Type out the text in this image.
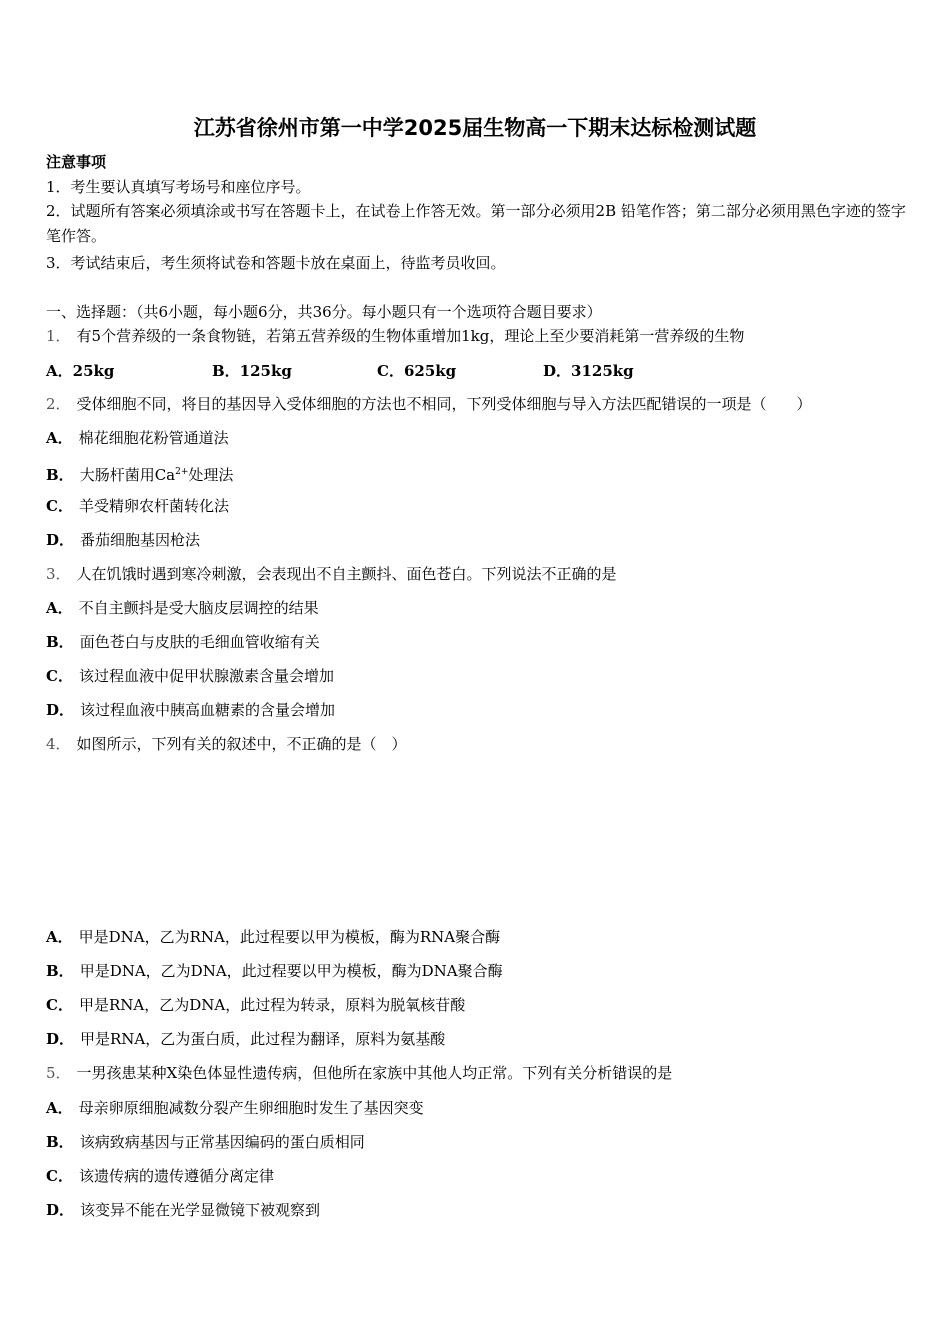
江苏省徐州市第一中学2025届生物高一下期末达标检测试题
注意事项
1．考生要认真填写考场号和座位序号。
2．试题所有答案必须填涂或书写在答题卡上，在试卷上作答无效。第一部分必须用2B 铅笔作答；第二部分必须用黑色字迹的签字笔作答。
3．考试结束后，考生须将试卷和答题卡放在桌面上，待监考员收回。
一、选择题：（共6小题，每小题6分，共36分。每小题只有一个选项符合题目要求）
1． 有5个营养级的一条食物链，若第五营养级的生物体重增加1kg，理论上至少要消耗第一营养级的生物
A．25kg	B．125kg	C．625kg	D．3125kg
2． 受体细胞不同，将目的基因导入受体细胞的方法也不相同，下列受体细胞与导入方法匹配错误的一项是（　　）
A． 棉花细胞花粉管通道法
B． 大肠杆菌用$Ca^{2+}$处理法
C． 羊受精卵农杆菌转化法
D． 番茄细胞基因枪法
3． 人在饥饿时遇到寒冷刺激，会表现出不自主颤抖、面色苍白。下列说法不正确的是
A． 不自主颤抖是受大脑皮层调控的结果
B． 面色苍白与皮肤的毛细血管收缩有关
C． 该过程血液中促甲状腺激素含量会增加
D． 该过程血液中胰高血糖素的含量会增加
4． 如图所示，下列有关的叙述中，不正确的是（　）
A． 甲是DNA，乙为RNA，此过程要以甲为模板，酶为RNA聚合酶
B． 甲是DNA，乙为DNA，此过程要以甲为模板，酶为DNA聚合酶
C． 甲是RNA，乙为DNA，此过程为转录，原料为脱氧核苷酸
D． 甲是RNA，乙为蛋白质，此过程为翻译，原料为氨基酸
5． 一男孩患某种X染色体显性遗传病，但他所在家族中其他人均正常。下列有关分析错误的是
A． 母亲卵原细胞减数分裂产生卵细胞时发生了基因突变
B． 该病致病基因与正常基因编码的蛋白质相同
C． 该遗传病的遗传遵循分离定律
D． 该变异不能在光学显微镜下被观察到
